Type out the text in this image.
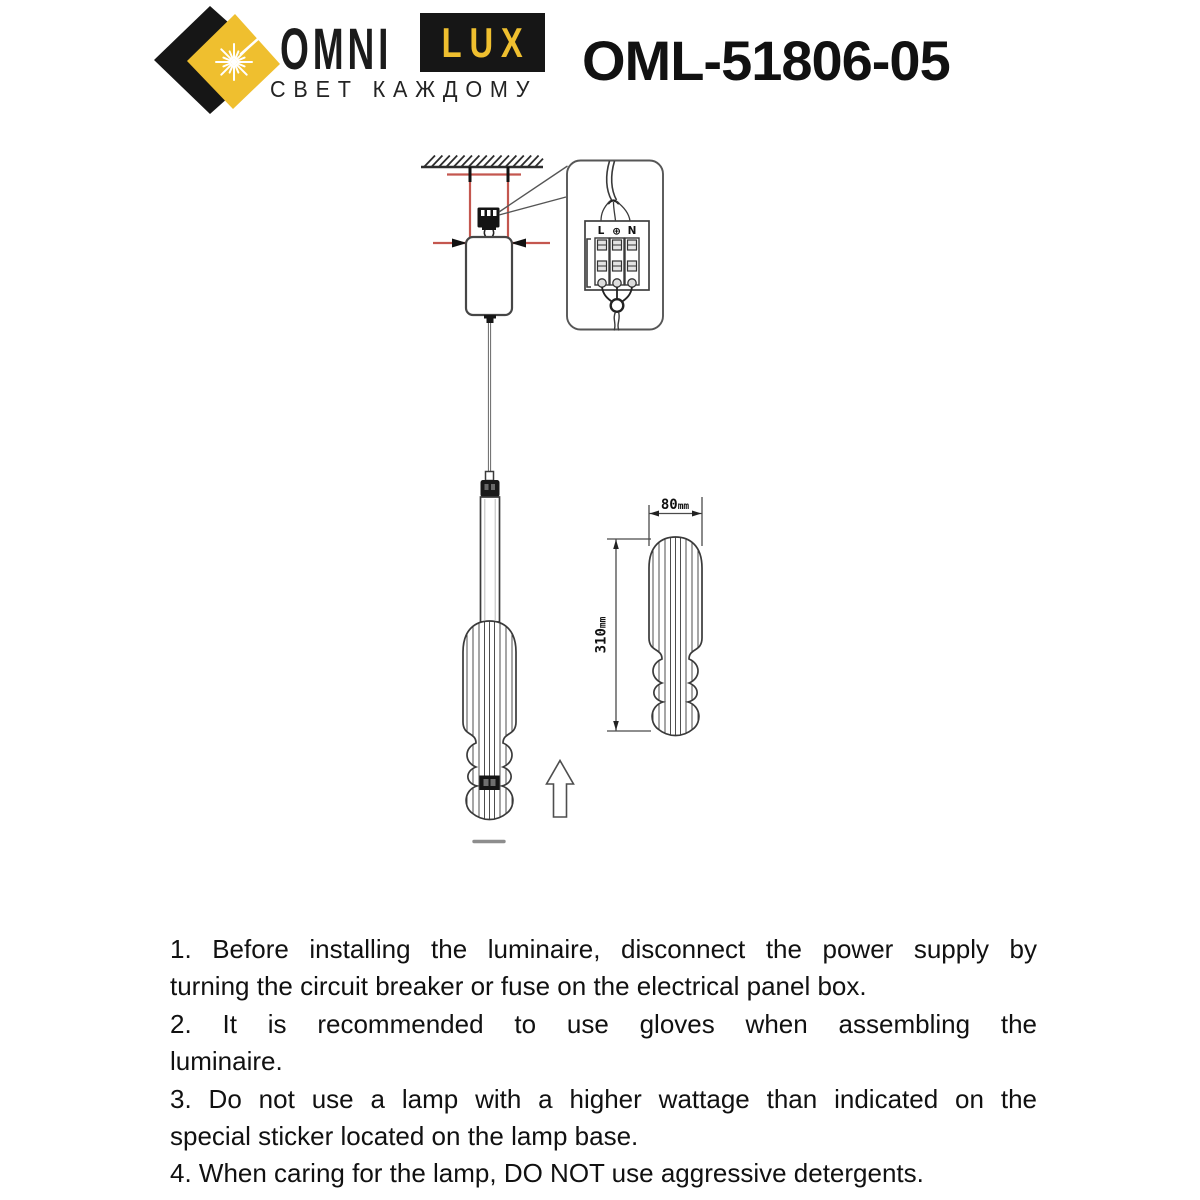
OMNI LUX
СВЕТ КАЖДОМУ OML-51806-05
L ⊕ N
80mm
310mm
1. Before installing the luminaire, disconnect the power supply by
turning the circuit breaker or fuse on the electrical panel box.
2. It is recommended to use gloves when assembling the
luminaire.
3. Do not use a lamp with a higher wattage than indicated on the
special sticker located on the lamp base.
4. When caring for the lamp, DO NOT use aggressive detergents.
